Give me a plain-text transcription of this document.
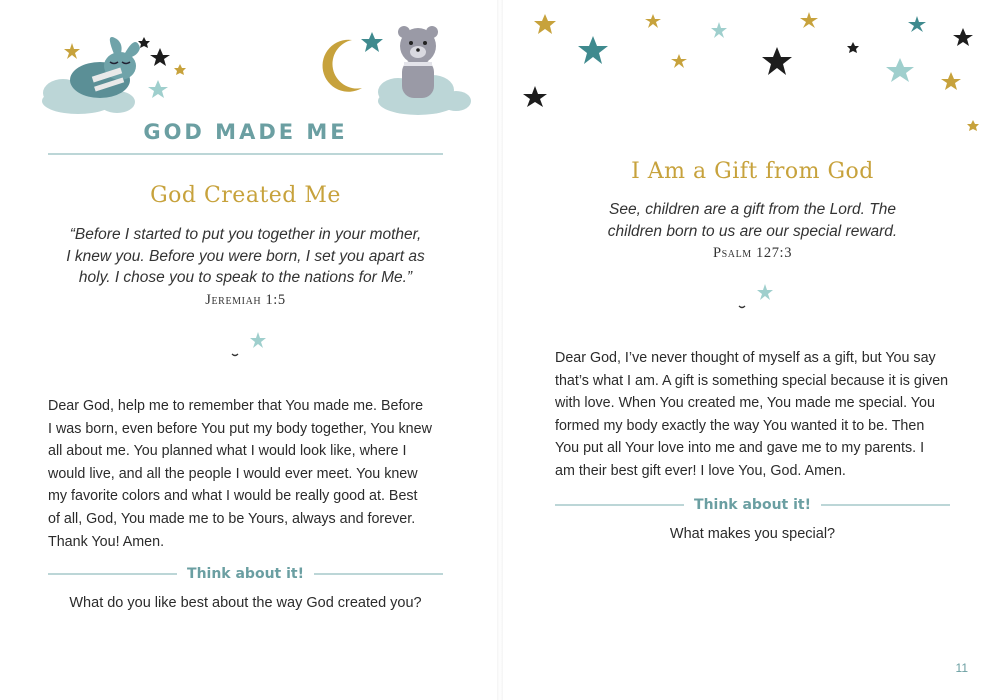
GOD MADE ME
God Created Me
“Before I started to put you together in your mother,
I knew you. Before you were born, I set you apart as
holy. I chose you to speak to the nations for Me.”
Jeremiah 1:5
Dear God, help me to remember that You made me. Before
I was born, even before You put my body together, You knew
all about me. You planned what I would look like, where I
would live, and all the people I would ever meet. You knew
my favorite colors and what I would be really good at. Best
of all, God, You made me to be Yours, always and forever.
Thank You! Amen.
Think about it!
What do you like best about the way God created you?
I Am a Gift from God
See, children are a gift from the Lord. The
children born to us are our special reward.
Psalm 127:3
Dear God, I’ve never thought of myself as a gift, but You say
that’s what I am. A gift is something special because it is given
with love. When You created me, You made me special. You
formed my body exactly the way You wanted it to be. Then
You put all Your love into me and gave me to my parents. I
am their best gift ever! I love You, God. Amen.
Think about it!
What makes you special?
11
